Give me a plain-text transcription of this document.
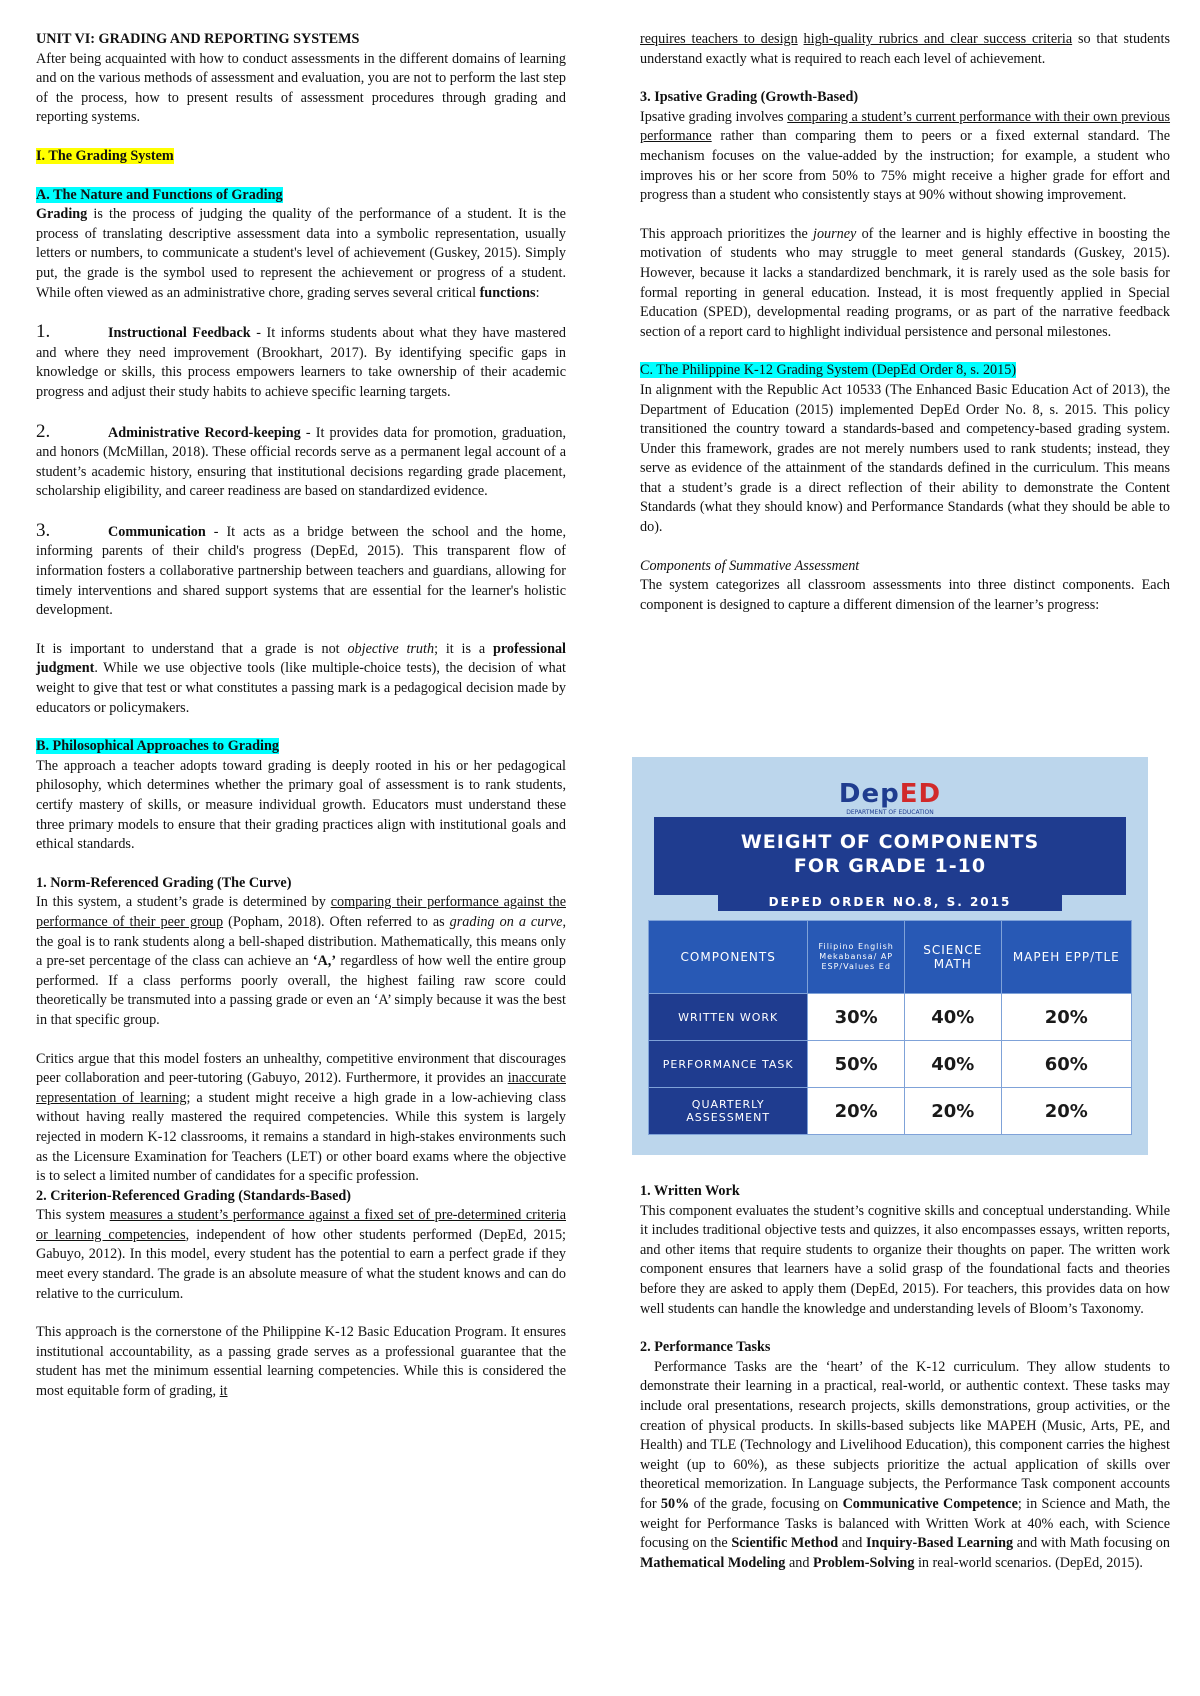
UNIT VI: GRADING AND REPORTING SYSTEMS

After being acquainted with how to conduct assessments in the different domains of learning and on the various methods of assessment and evaluation, you are not to perform the last step of the process, how to present results of assessment procedures through grading and reporting systems.

I. The Grading System

A. The Nature and Functions of Grading

Grading is the process of judging the quality of the performance of a student. It is the process of translating descriptive assessment data into a symbolic representation, usually letters or numbers, to communicate a student's level of achievement (Guskey, 2015). Simply put, the grade is the symbol used to represent the achievement or progress of a student. While often viewed as an administrative chore, grading serves several critical functions:

1.	Instructional Feedback - It informs students about what they have mastered and where they need improvement (Brookhart, 2017). By identifying specific gaps in knowledge or skills, this process empowers learners to take ownership of their academic progress and adjust their study habits to achieve specific learning targets.

2.	Administrative Record-keeping - It provides data for promotion, graduation, and honors (McMillan, 2018). These official records serve as a permanent legal account of a student’s academic history, ensuring that institutional decisions regarding grade placement, scholarship eligibility, and career readiness are based on standardized evidence.

3.	Communication - It acts as a bridge between the school and the home, informing parents of their child's progress (DepEd, 2015). This transparent flow of information fosters a collaborative partnership between teachers and guardians, allowing for timely interventions and shared support systems that are essential for the learner's holistic development.

It is important to understand that a grade is not objective truth; it is a professional judgment. While we use objective tools (like multiple-choice tests), the decision of what weight to give that test or what constitutes a passing mark is a pedagogical decision made by educators or policymakers.

B. Philosophical Approaches to Grading

The approach a teacher adopts toward grading is deeply rooted in his or her pedagogical philosophy, which determines whether the primary goal of assessment is to rank students, certify mastery of skills, or measure individual growth. Educators must understand these three primary models to ensure that their grading practices align with institutional goals and ethical standards.

1. Norm-Referenced Grading (The Curve)

In this system, a student’s grade is determined by comparing their performance against the performance of their peer group (Popham, 2018). Often referred to as grading on a curve, the goal is to rank students along a bell-shaped distribution. Mathematically, this means only a pre-set percentage of the class can achieve an ‘A,’ regardless of how well the entire group performed. If a class performs poorly overall, the highest failing raw score could theoretically be transmuted into a passing grade or even an ‘A’ simply because it was the best in that specific group.

Critics argue that this model fosters an unhealthy, competitive environment that discourages peer collaboration and peer-tutoring (Gabuyo, 2012). Furthermore, it provides an inaccurate representation of learning; a student might receive a high grade in a low-achieving class without having really mastered the required competencies. While this system is largely rejected in modern K-12 classrooms, it remains a standard in high-stakes environments such as the Licensure Examination for Teachers (LET) or other board exams where the objective is to select a limited number of candidates for a specific profession.

2. Criterion-Referenced Grading (Standards-Based)

This system measures a student’s performance against a fixed set of pre-determined criteria or learning competencies, independent of how other students performed (DepEd, 2015; Gabuyo, 2012). In this model, every student has the potential to earn a perfect grade if they meet every standard. The grade is an absolute measure of what the student knows and can do relative to the curriculum.

This approach is the cornerstone of the Philippine K-12 Basic Education Program. It ensures institutional accountability, as a passing grade serves as a professional guarantee that the student has met the minimum essential learning competencies. While this is considered the most equitable form of grading, it

requires teachers to design high-quality rubrics and clear success criteria so that students understand exactly what is required to reach each level of achievement.

3. Ipsative Grading (Growth-Based)

Ipsative grading involves comparing a student’s current performance with their own previous performance rather than comparing them to peers or a fixed external standard. The mechanism focuses on the value-added by the instruction; for example, a student who improves his or her score from 50% to 75% might receive a higher grade for effort and progress than a student who consistently stays at 90% without showing improvement.

This approach prioritizes the journey of the learner and is highly effective in boosting the motivation of students who may struggle to meet general standards (Guskey, 2015). However, because it lacks a standardized benchmark, it is rarely used as the sole basis for formal reporting in general education. Instead, it is most frequently applied in Special Education (SPED), developmental reading programs, or as part of the narrative feedback section of a report card to highlight individual persistence and personal milestones.

C. The Philippine K-12 Grading System (DepEd Order 8, s. 2015)

In alignment with the Republic Act 10533 (The Enhanced Basic Education Act of 2013), the Department of Education (2015) implemented DepEd Order No. 8, s. 2015. This policy transitioned the country toward a standards-based and competency-based grading system. Under this framework, grades are not merely numbers used to rank students; instead, they serve as evidence of the attainment of the standards defined in the curriculum. This means that a student’s grade is a direct reflection of their ability to demonstrate the Content Standards (what they should know) and Performance Standards (what they should be able to do).

Components of Summative Assessment

The system categorizes all classroom assessments into three distinct components. Each component is designed to capture a different dimension of the learner’s progress:

DepED
DEPARTMENT OF EDUCATION
WEIGHT OF COMPONENTS
FOR GRADE 1-10
DEPED ORDER NO.8, S. 2015
COMPONENTS	Filipino English Mekabansa/ AP ESP/Values Ed	SCIENCE MATH	MAPEH EPP/TLE
WRITTEN WORK	30%	40%	20%
PERFORMANCE TASK	50%	40%	60%
QUARTERLY ASSESSMENT	20%	20%	20%

1. Written Work

This component evaluates the student’s cognitive skills and conceptual understanding. While it includes traditional objective tests and quizzes, it also encompasses essays, written reports, and other items that require students to organize their thoughts on paper. The written work component ensures that learners have a solid grasp of the foundational facts and theories before they are asked to apply them (DepEd, 2015). For teachers, this provides data on how well students can handle the knowledge and understanding levels of Bloom’s Taxonomy.

2. Performance Tasks

Performance Tasks are the ‘heart’ of the K-12 curriculum. They allow students to demonstrate their learning in a practical, real-world, or authentic context. These tasks may include oral presentations, research projects, skills demonstrations, group activities, or the creation of physical products. In skills-based subjects like MAPEH (Music, Arts, PE, and Health) and TLE (Technology and Livelihood Education), this component carries the highest weight (up to 60%), as these subjects prioritize the actual application of skills over theoretical memorization. In Language subjects, the Performance Task component accounts for 50% of the grade, focusing on Communicative Competence; in Science and Math, the weight for Performance Tasks is balanced with Written Work at 40% each, with Science focusing on the Scientific Method and Inquiry-Based Learning and with Math focusing on Mathematical Modeling and Problem-Solving in real-world scenarios. (DepEd, 2015).
